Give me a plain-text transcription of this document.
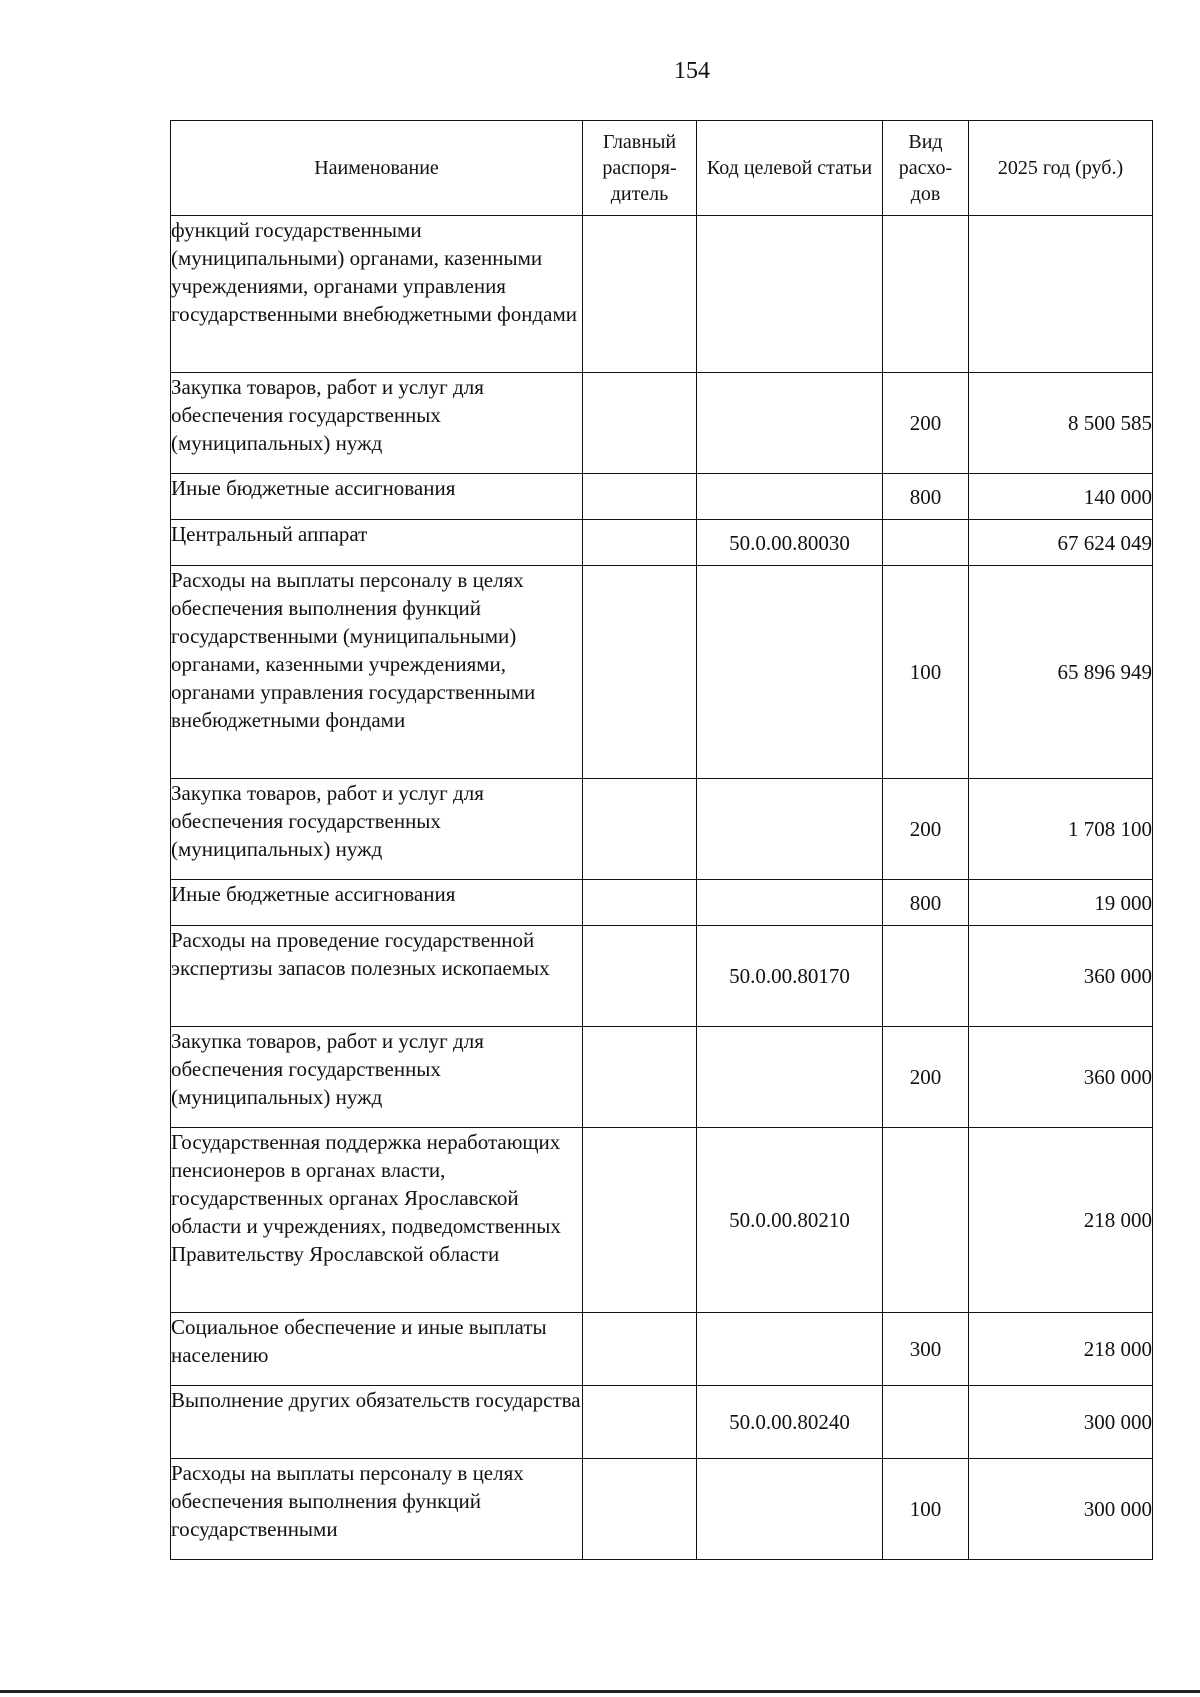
154
Наименование	Главный распоря-дитель	Код целевой статьи	Вид расхо-дов	2025 год (руб.)
функций государственными (муниципальными) органами, казенными учреждениями, органами управления государственными внебюджетными фондами				
Закупка товаров, работ и услуг для обеспечения государственных (муниципальных) нужд			200	8 500 585
Иные бюджетные ассигнования			800	140 000
Центральный аппарат		50.0.00.80030		67 624 049
Расходы на выплаты персоналу в целях обеспечения выполнения функций государственными (муниципальными) органами, казенными учреждениями, органами управления государственными внебюджетными фондами			100	65 896 949
Закупка товаров, работ и услуг для обеспечения государственных (муниципальных) нужд			200	1 708 100
Иные бюджетные ассигнования			800	19 000
Расходы на проведение государственной экспертизы запасов полезных ископаемых		50.0.00.80170		360 000
Закупка товаров, работ и услуг для обеспечения государственных (муниципальных) нужд			200	360 000
Государственная поддержка неработающих пенсионеров в органах власти, государственных органах Ярославской области и учреждениях, подведомственных Правительству Ярославской области		50.0.00.80210		218 000
Социальное обеспечение и иные выплаты населению			300	218 000
Выполнение других обязательств государства		50.0.00.80240		300 000
Расходы на выплаты персоналу в целях обеспечения выполнения функций государственными			100	300 000
